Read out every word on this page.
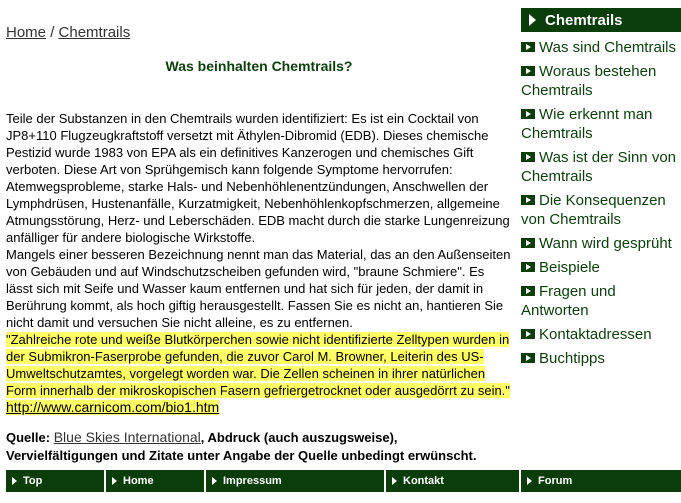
Home / Chemtrails
Was beinhalten Chemtrails?

Teile der Substanzen in den Chemtrails wurden identifiziert: Es ist ein Cocktail von JP8+110 Flugzeugkraftstoff versetzt mit Äthylen-Dibromid (EDB). Dieses chemische Pestizid wurde 1983 von EPA als ein definitives Kanzerogen und chemisches Gift verboten. Diese Art von Sprühgemisch kann folgende Symptome hervorrufen: Atemwegsprobleme, starke Hals- und Nebenhöhlenentzündungen, Anschwellen der Lymphdrüsen, Hustenanfälle, Kurzatmigkeit, Nebenhöhlenkopfschmerzen, allgemeine Atmungsstörung, Herz- und Leberschäden. EDB macht durch die starke Lungenreizung anfälliger für andere biologische Wirkstoffe.

Mangels einer besseren Bezeichnung nennt man das Material, das an den Außenseiten von Gebäuden und auf Windschutzscheiben gefunden wird, "braune Schmiere". Es lässt sich mit Seife und Wasser kaum entfernen und hat sich für jeden, der damit in Berührung kommt, als hoch giftig herausgestellt. Fassen Sie es nicht an, hantieren Sie nicht damit und versuchen Sie nicht alleine, es zu entfernen.

"Zahlreiche rote und weiße Blutkörperchen sowie nicht identifizierte Zelltypen wurden in der Submikron-Faserprobe gefunden, die zuvor Carol M. Browner, Leiterin des US-Umweltschutzamtes, vorgelegt worden war. Die Zellen scheinen in ihrer natürlichen Form innerhalb der mikroskopischen Fasern gefriergetrocknet oder ausgedörrt zu sein."
http://www.carnicom.com/bio1.htm

Quelle: Blue Skies International, Abdruck (auch auszugsweise), Vervielfältigungen und Zitate unter Angabe der Quelle unbedingt erwünscht.
Chemtrails
Was sind Chemtrails
Woraus bestehen Chemtrails
Wie erkennt man Chemtrails
Was ist der Sinn von Chemtrails
Die Konsequenzen von Chemtrails
Wann wird gesprüht
Beispiele
Fragen und Antworten
Kontaktadressen
Buchtipps
Top	Home	Impressum	Kontakt	Forum
